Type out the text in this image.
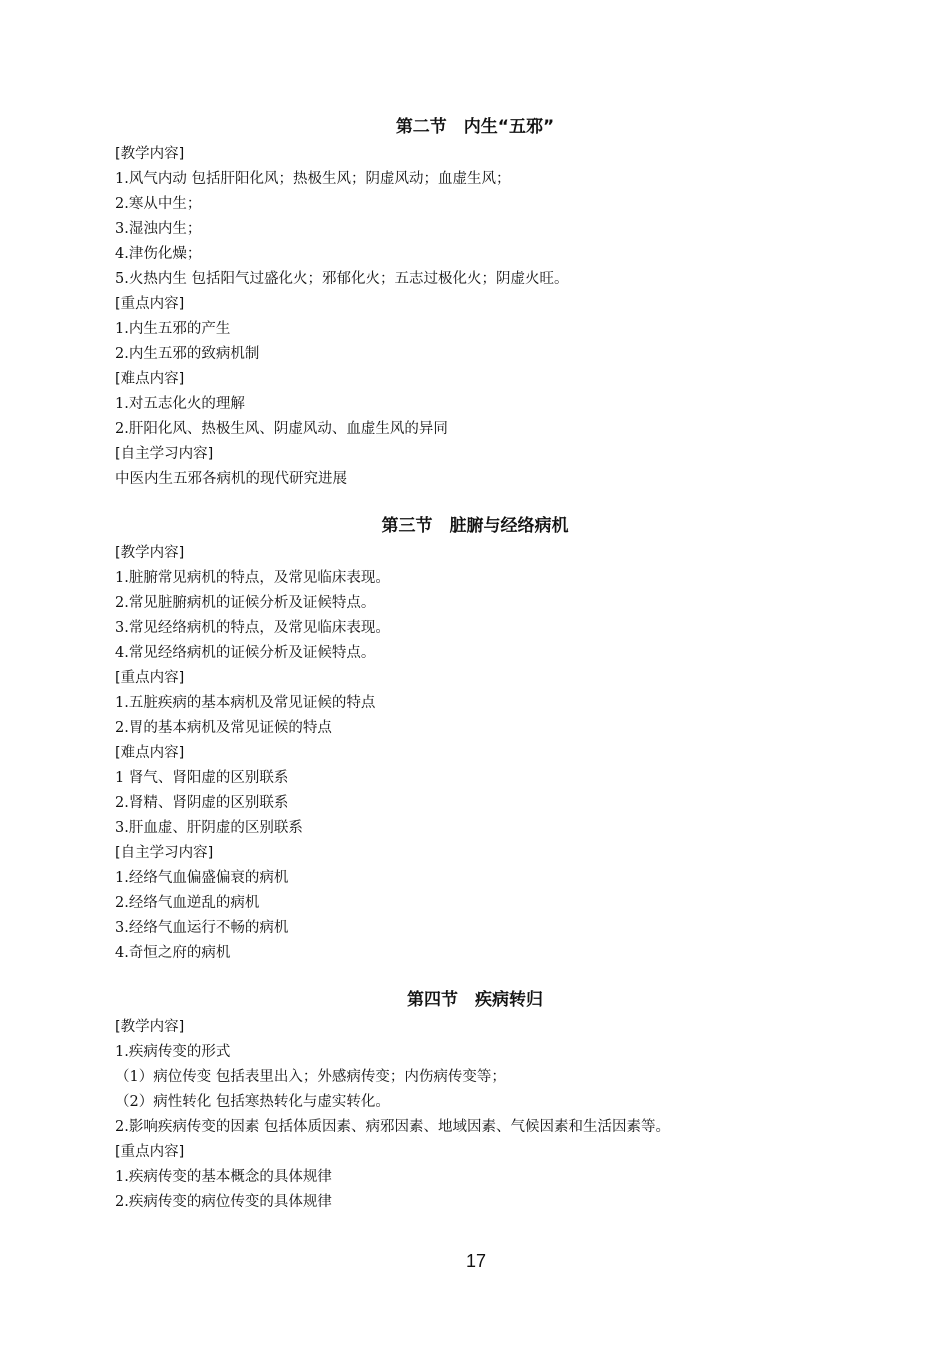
第二节　内生“五邪”
[教学内容]
1.风气内动 包括肝阳化风；热极生风；阴虚风动；血虚生风；
2.寒从中生；
3.湿浊内生；
4.津伤化燥；
5.火热内生 包括阳气过盛化火；邪郁化火；五志过极化火；阴虚火旺。
[重点内容]
1.内生五邪的产生
2.内生五邪的致病机制
[难点内容]
1.对五志化火的理解
2.肝阳化风、热极生风、阴虚风动、血虚生风的异同
[自主学习内容]
中医内生五邪各病机的现代研究进展
第三节　脏腑与经络病机
[教学内容]
1.脏腑常见病机的特点，及常见临床表现。
2.常见脏腑病机的证候分析及证候特点。
3.常见经络病机的特点，及常见临床表现。
4.常见经络病机的证候分析及证候特点。
[重点内容]
1.五脏疾病的基本病机及常见证候的特点
2.胃的基本病机及常见证候的特点
[难点内容]
1 肾气、肾阳虚的区别联系
2.肾精、肾阴虚的区别联系
3.肝血虚、肝阴虚的区别联系
[自主学习内容]
1.经络气血偏盛偏衰的病机
2.经络气血逆乱的病机
3.经络气血运行不畅的病机
4.奇恒之府的病机
第四节　疾病转归
[教学内容]
1.疾病传变的形式
（1）病位传变 包括表里出入；外感病传变；内伤病传变等；
（2）病性转化 包括寒热转化与虚实转化。
2.影响疾病传变的因素 包括体质因素、病邪因素、地域因素、气候因素和生活因素等。
[重点内容]
1.疾病传变的基本概念的具体规律
2.疾病传变的病位传变的具体规律
17
